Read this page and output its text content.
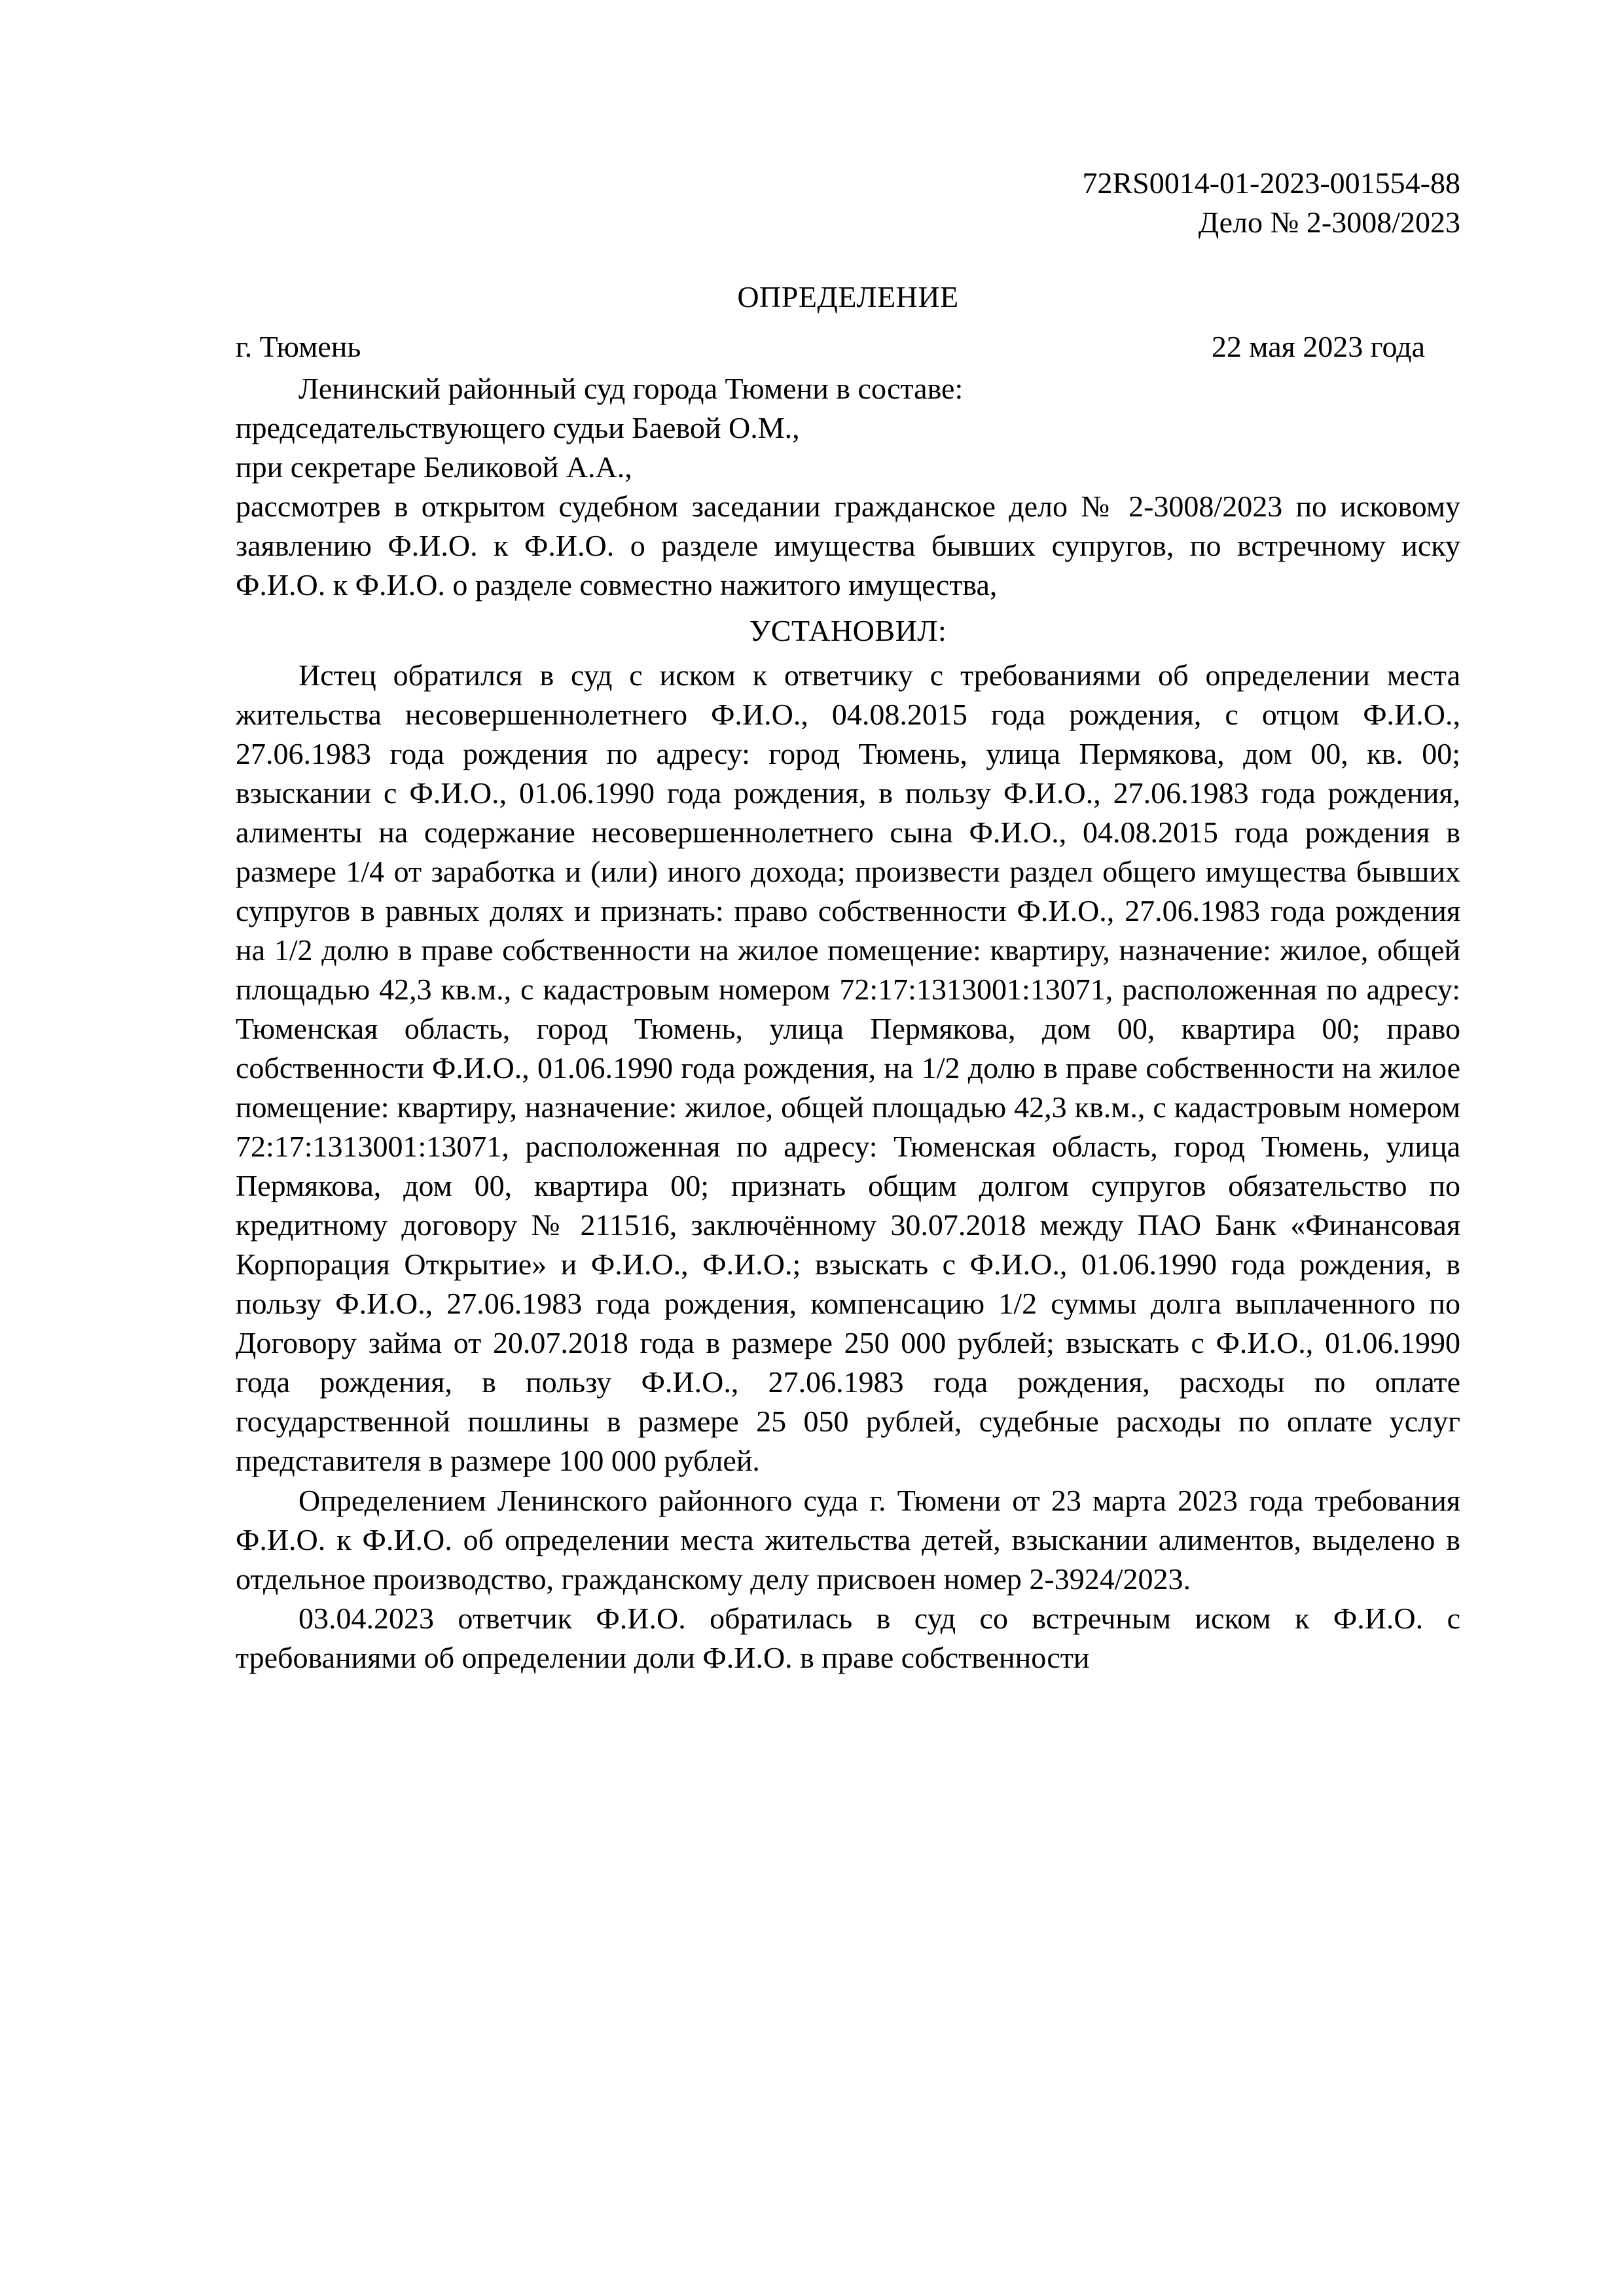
72RS0014-01-2023-001554-88
Дело № 2-3008/2023
ОПРЕДЕЛЕНИЕ
г. Тюмень	22 мая 2023 года
Ленинский районный суд города Тюмени в составе:
председательствующего судьи Баевой О.М.,
при секретаре Беликовой А.А.,

рассмотрев в открытом судебном заседании гражданское дело № 2-3008/2023 по исковому заявлению Ф.И.О. к Ф.И.О. о разделе имущества бывших супругов, по встречному иску Ф.И.О. к Ф.И.О. о разделе совместно нажитого имущества,

УСТАНОВИЛ:

Истец обратился в суд с иском к ответчику с требованиями об определении места жительства несовершеннолетнего Ф.И.О., 04.08.2015 года рождения, с отцом Ф.И.О., 27.06.1983 года рождения по адресу: город Тюмень, улица Пермякова, дом 00, кв. 00; взыскании с Ф.И.О., 01.06.1990 года рождения, в пользу Ф.И.О., 27.06.1983 года рождения, алименты на содержание несовершеннолетнего сына Ф.И.О., 04.08.2015 года рождения в размере 1/4 от заработка и (или) иного дохода; произвести раздел общего имущества бывших супругов в равных долях и признать: право собственности Ф.И.О., 27.06.1983 года рождения на 1/2 долю в праве собственности на жилое помещение: квартиру, назначение: жилое, общей площадью 42,3 кв.м., с кадастровым номером 72:17:1313001:13071, расположенная по адресу: Тюменская область, город Тюмень, улица Пермякова, дом 00, квартира 00; право собственности Ф.И.О., 01.06.1990 года рождения, на 1/2 долю в праве собственности на жилое помещение: квартиру, назначение: жилое, общей площадью 42,3 кв.м., с кадастровым номером 72:17:1313001:13071, расположенная по адресу: Тюменская область, город Тюмень, улица Пермякова, дом 00, квартира 00; признать общим долгом супругов обязательство по кредитному договору № 211516, заключённому 30.07.2018 между ПАО Банк «Финансовая Корпорация Открытие» и Ф.И.О., Ф.И.О.; взыскать с Ф.И.О., 01.06.1990 года рождения, в пользу Ф.И.О., 27.06.1983 года рождения, компенсацию 1/2 суммы долга выплаченного по Договору займа от 20.07.2018 года в размере 250 000 рублей; взыскать с Ф.И.О., 01.06.1990 года рождения, в пользу Ф.И.О., 27.06.1983 года рождения, расходы по оплате государственной пошлины в размере 25 050 рублей, судебные расходы по оплате услуг представителя в размере 100 000 рублей.

Определением Ленинского районного суда г. Тюмени от 23 марта 2023 года требования Ф.И.О. к Ф.И.О. об определении места жительства детей, взыскании алиментов, выделено в отдельное производство, гражданскому делу присвоен номер 2-3924/2023.

03.04.2023 ответчик Ф.И.О. обратилась в суд со встречным иском к Ф.И.О. с требованиями об определении доли Ф.И.О. в праве собственности
